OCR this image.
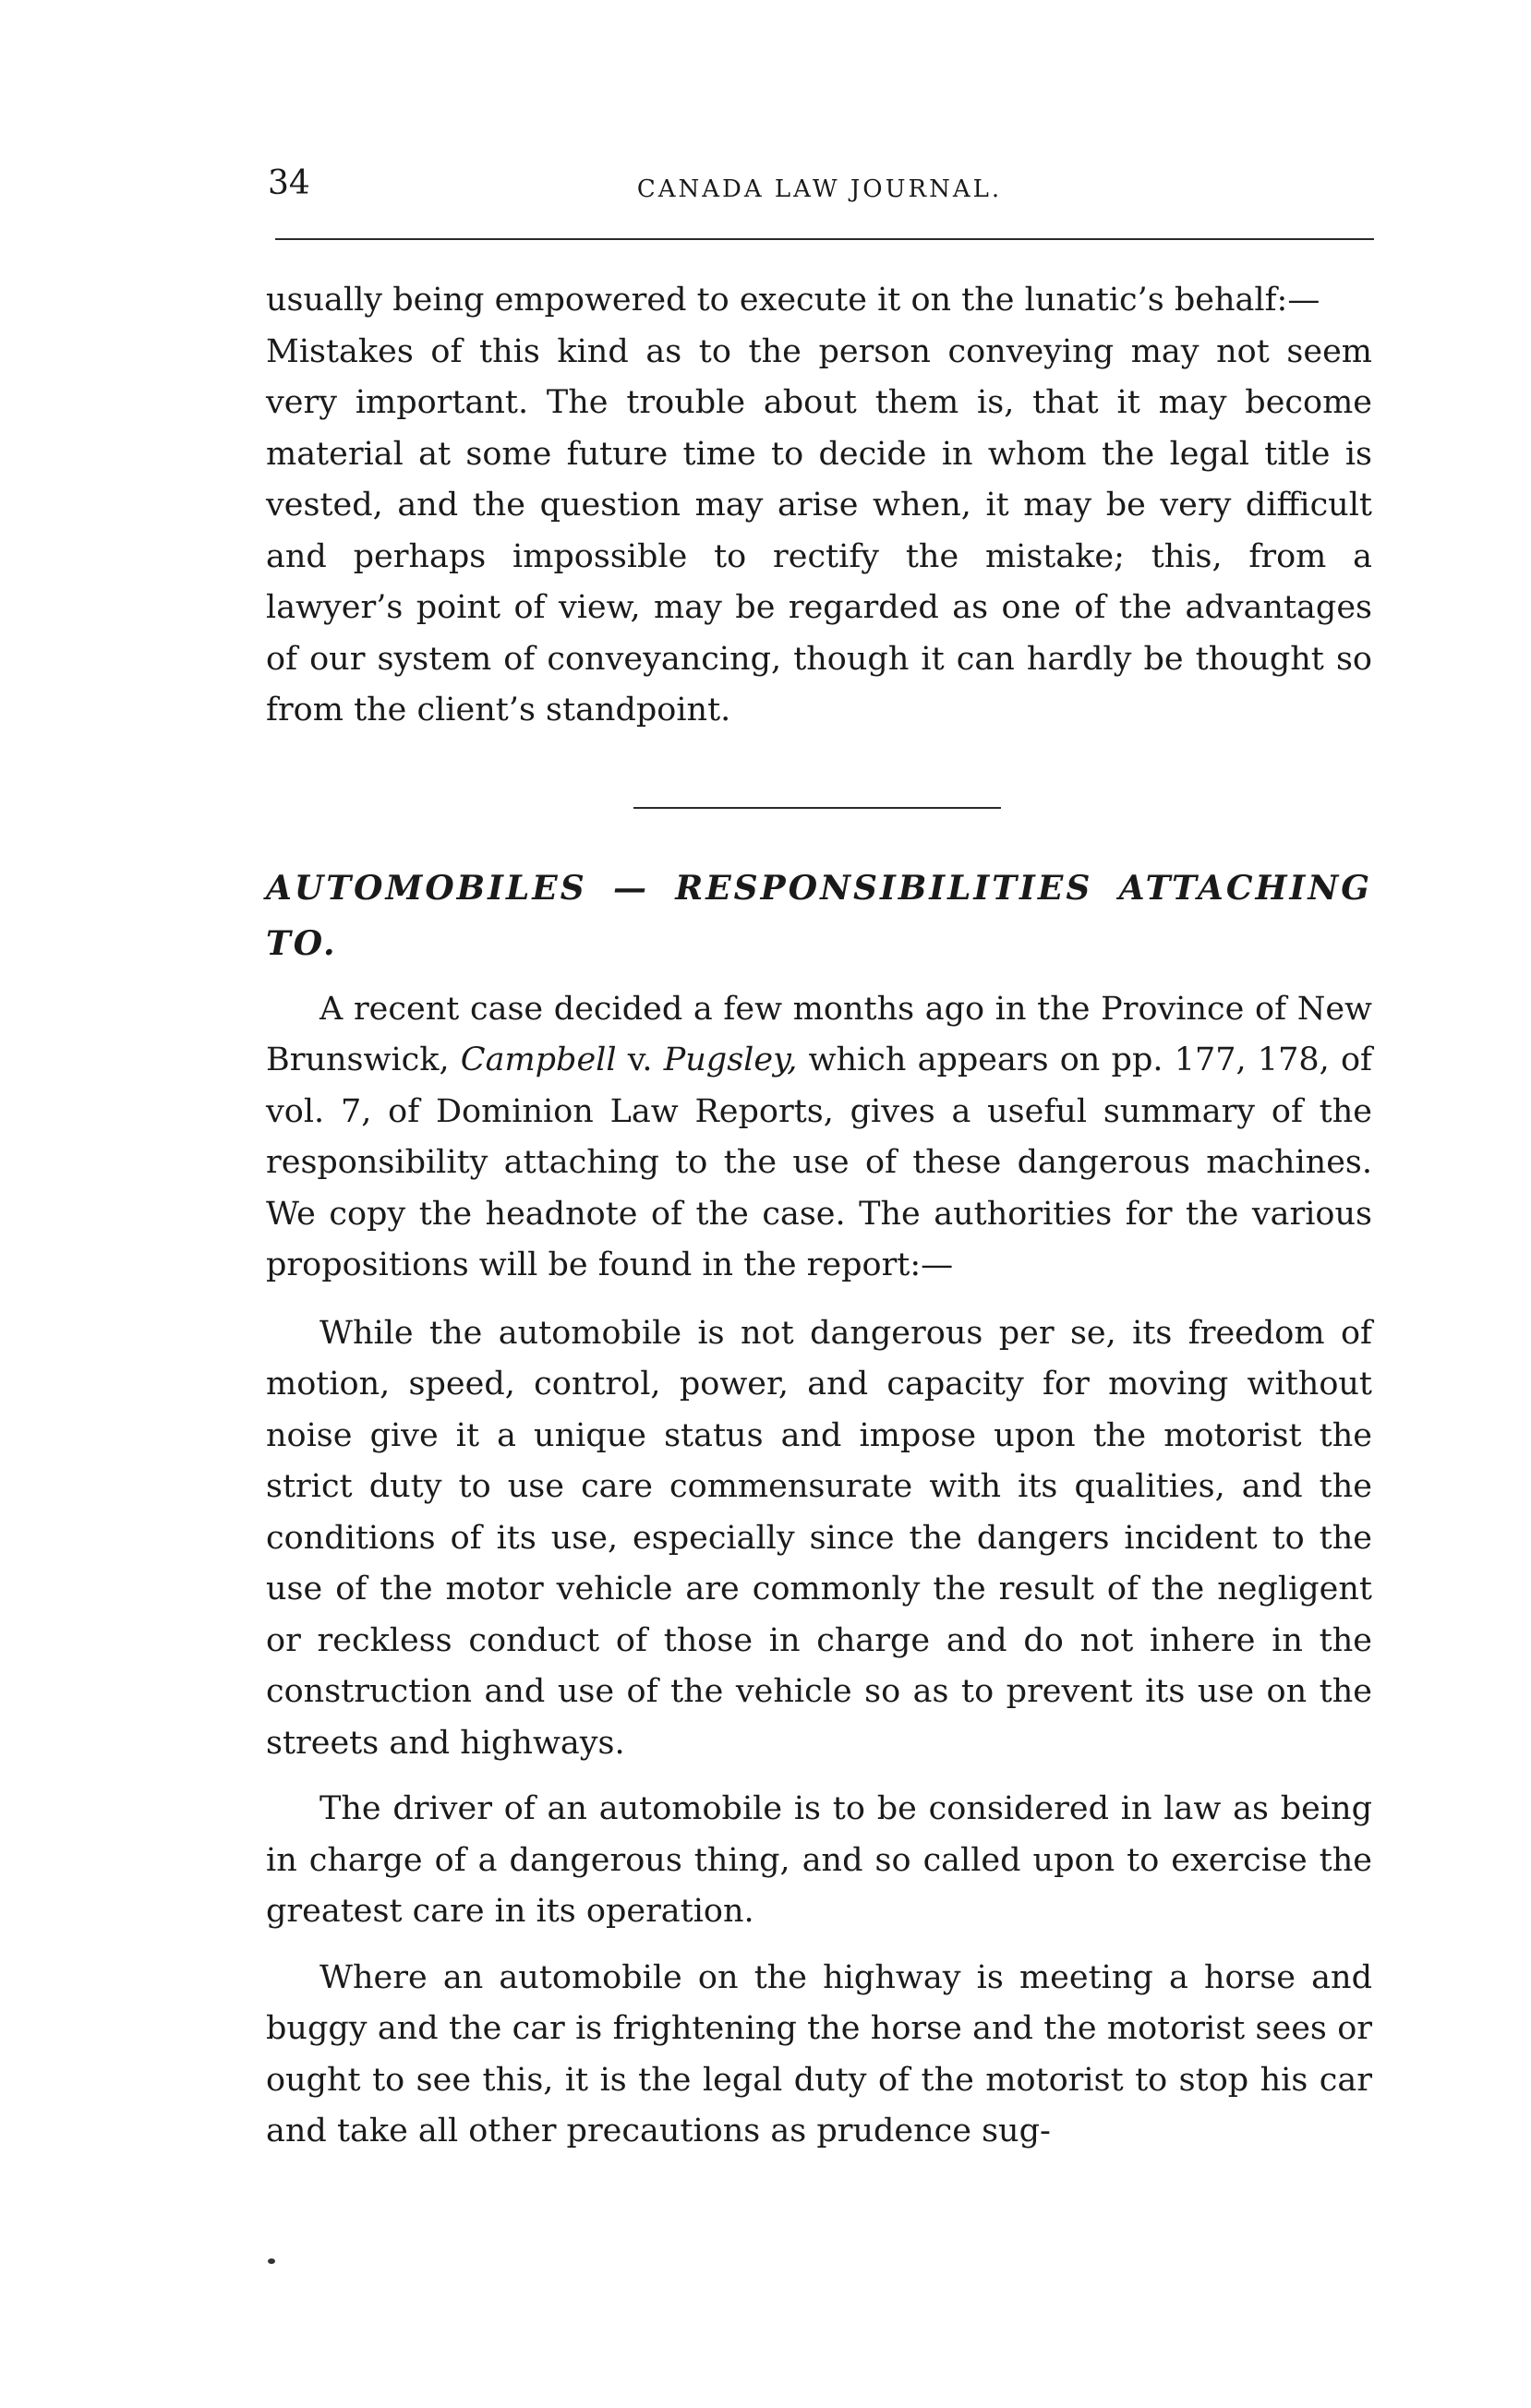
34	CANADA LAW JOURNAL.

usually being empowered to execute it on the lunatic’s behalf:—

Mistakes of this kind as to the person conveying may not seem very important. The trouble about them is, that it may become material at some future time to decide in whom the legal title is vested, and the question may arise when, it may be very difficult and perhaps impossible to rectify the mistake; this, from a lawyer’s point of view, may be regarded as one of the advantages of our system of conveyancing, though it can hardly be thought so from the client’s standpoint.

AUTOMOBILES — RESPONSIBILITIES ATTACHING TO.

A recent case decided a few months ago in the Province of New Brunswick, Campbell v. Pugsley, which appears on pp. 177, 178, of vol. 7, of Dominion Law Reports, gives a useful summary of the responsibility attaching to the use of these dangerous machines. We copy the headnote of the case. The authorities for the various propositions will be found in the report:—

While the automobile is not dangerous per se, its freedom of motion, speed, control, power, and capacity for moving without noise give it a unique status and impose upon the motorist the strict duty to use care commensurate with its qualities, and the conditions of its use, especially since the dangers incident to the use of the motor vehicle are commonly the result of the negligent or reckless conduct of those in charge and do not inhere in the construction and use of the vehicle so as to prevent its use on the streets and highways.

The driver of an automobile is to be considered in law as being in charge of a dangerous thing, and so called upon to exercise the greatest care in its operation.

Where an automobile on the highway is meeting a horse and buggy and the car is frightening the horse and the motorist sees or ought to see this, it is the legal duty of the motorist to stop his car and take all other precautions as prudence sug-
